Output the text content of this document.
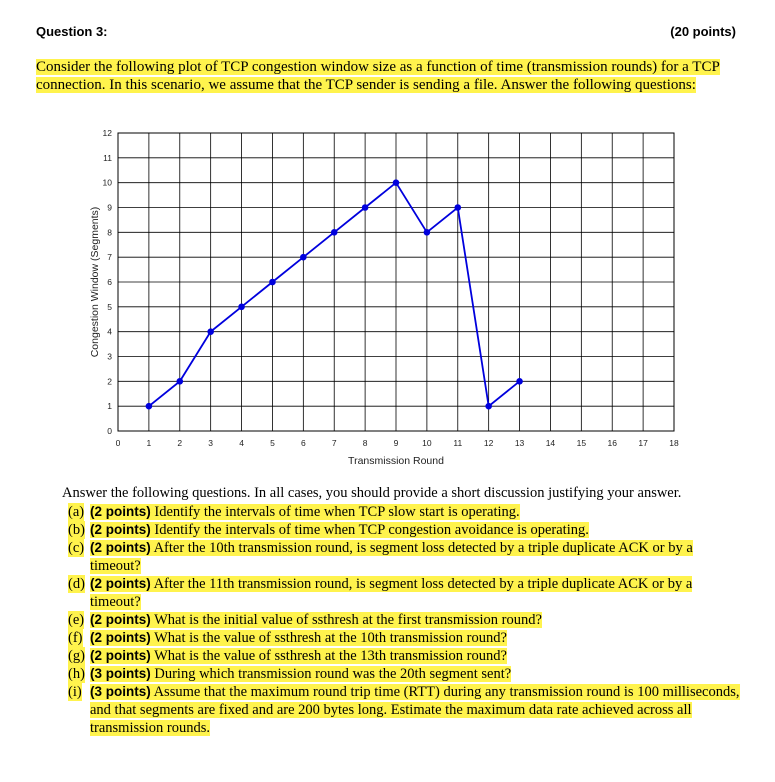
Question 3:	(20 points)
Consider the following plot of TCP congestion window size as a function of time (transmission rounds) for a TCP connection. In this scenario, we assume that the TCP sender is sending a file. Answer the following questions:
0	1	2	3	4	5	6	7	8	9	10	11	12	13	14	15	16	17	18
0
1
2
3
4
5
6
7
8
9
10
11
12
Transmission Round
Congestion Window (Segments)

Answer the following questions. In all cases, you should provide a short discussion justifying your answer.

(a) (2 points) Identify the intervals of time when TCP slow start is operating.

(b) (2 points) Identify the intervals of time when TCP congestion avoidance is operating.

(c) (2 points) After the 10th transmission round, is segment loss detected by a triple duplicate ACK or by a timeout?

(d) (2 points) After the 11th transmission round, is segment loss detected by a triple duplicate ACK or by a timeout?

(e) (2 points) What is the initial value of ssthresh at the first transmission round?

(f) (2 points) What is the value of ssthresh at the 10th transmission round?

(g) (2 points) What is the value of ssthresh at the 13th transmission round?

(h) (3 points) During which transmission round was the 20th segment sent?

(i) (3 points) Assume that the maximum round trip time (RTT) during any transmission round is 100 milliseconds, and that segments are fixed and are 200 bytes long. Estimate the maximum data rate achieved across all transmission rounds.
